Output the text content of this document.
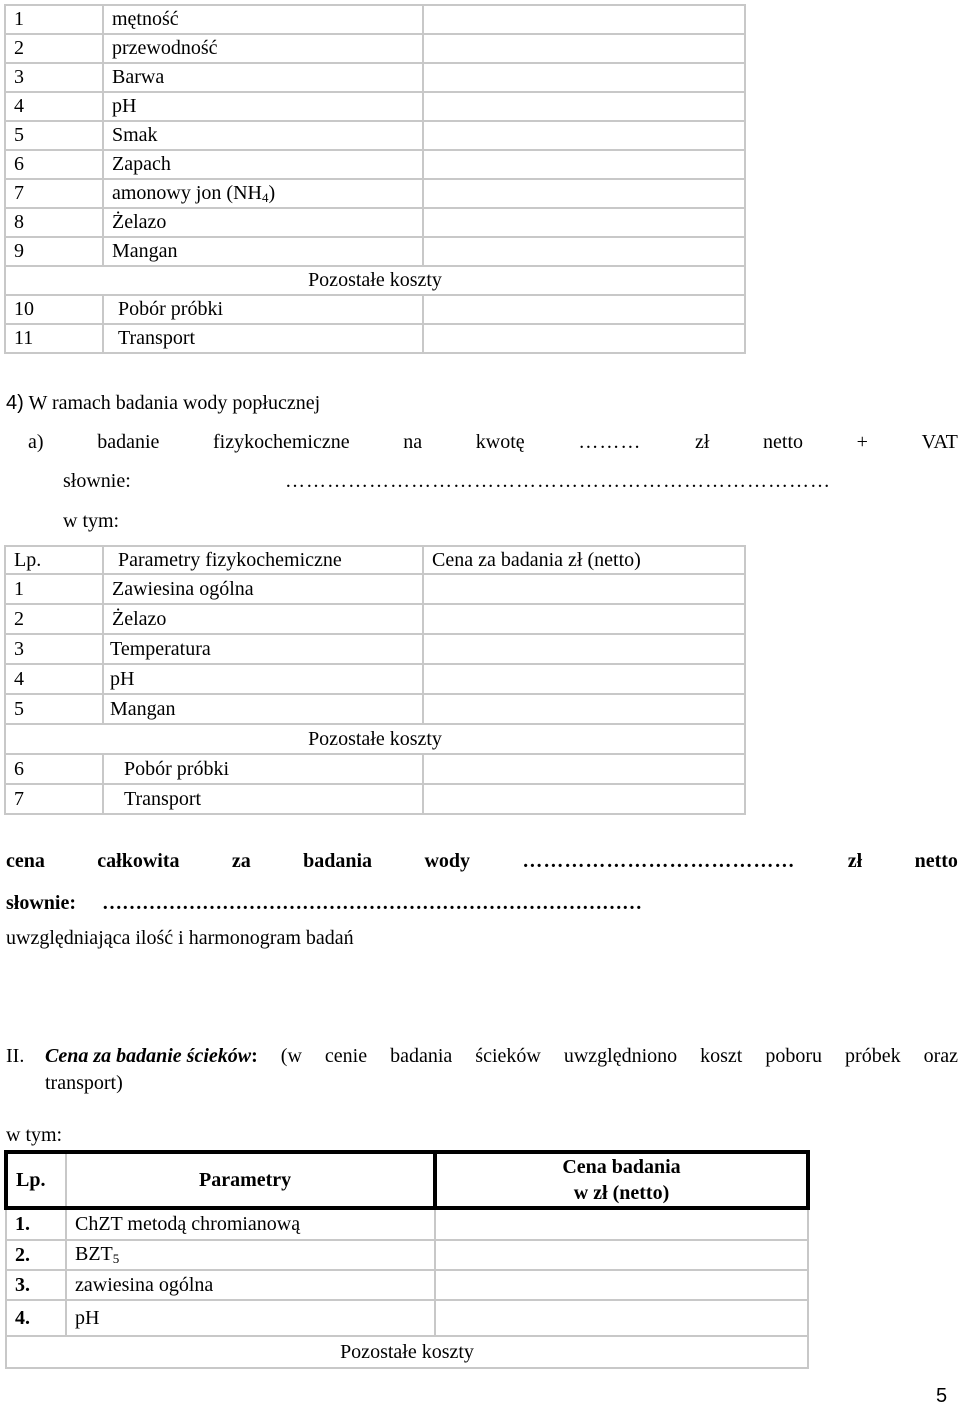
1	mętność	
2	przewodność	
3	Barwa	
4	pH	
5	Smak	
6	Zapach	
7	amonowy jon $(NH_4)$	
8	Żelazo	
9	Mangan	
Pozostałe koszty		
10	Pobór próbki	
11	Transport	
4) W ramach badania wody popłucznej
a)	badanie	fizykochemiczne	na	kwotę	………	zł	netto	+	VAT
słownie:	……………………………………………………………………
w tym:
Lp.	Parametry fizykochemiczne	Cena za badania zł (netto)
1	Zawiesina ogólna	
2	Żelazo	
3	Temperatura	
4	pH	
5	Mangan	
Pozostałe koszty		
6	Pobór próbki	
7	Transport	
cena	całkowita	za	badania	wody	…………………………………	zł	netto
słownie: ………………………………………………………………………
uwzględniająca ilość i harmonogram badań
II. Cena za badanie ścieków: (w cenie badania ścieków uwzględniono koszt poboru próbek oraz
transport)
w tym:
Lp.	Parametry	Cena badania
w zł (netto)

1.	ChZT metodą chromianową	
2.	$BZT_5$	
3.	zawiesina ogólna	
4.	pH	
Pozostałe koszty		
5
